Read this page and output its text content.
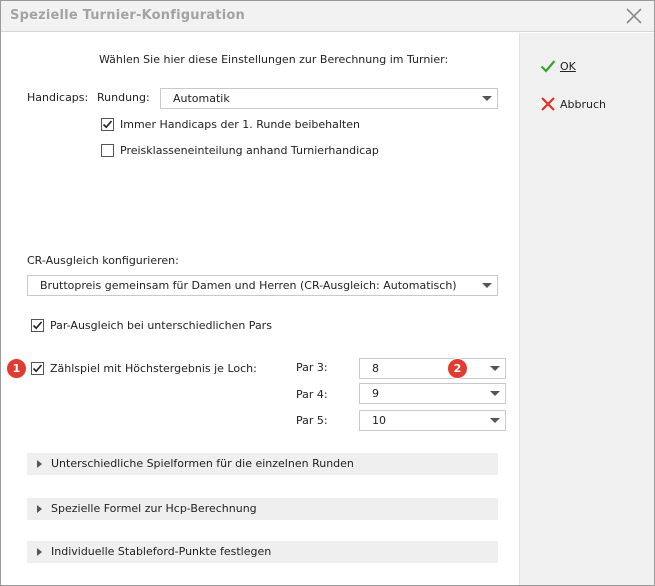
Spezielle Turnier-Konfiguration
Wählen Sie hier diese Einstellungen zur Berechnung im Turnier:
Handicaps: Rundung: Automatik
Immer Handicaps der 1. Runde beibehalten
Preisklasseneinteilung anhand Turnierhandicap
CR-Ausgleich konfigurieren:
Bruttopreis gemeinsam für Damen und Herren (CR-Ausgleich: Automatisch)
Par-Ausgleich bei unterschiedlichen Pars
1	Zählspiel mit Höchstergebnis je Loch:	Par 3:	8	2
Par 4:	9
Par 5:	10
Unterschiedliche Spielformen für die einzelnen Runden
Spezielle Formel zur Hcp-Berechnung
Individuelle Stableford-Punkte festlegen
OK
Abbruch
